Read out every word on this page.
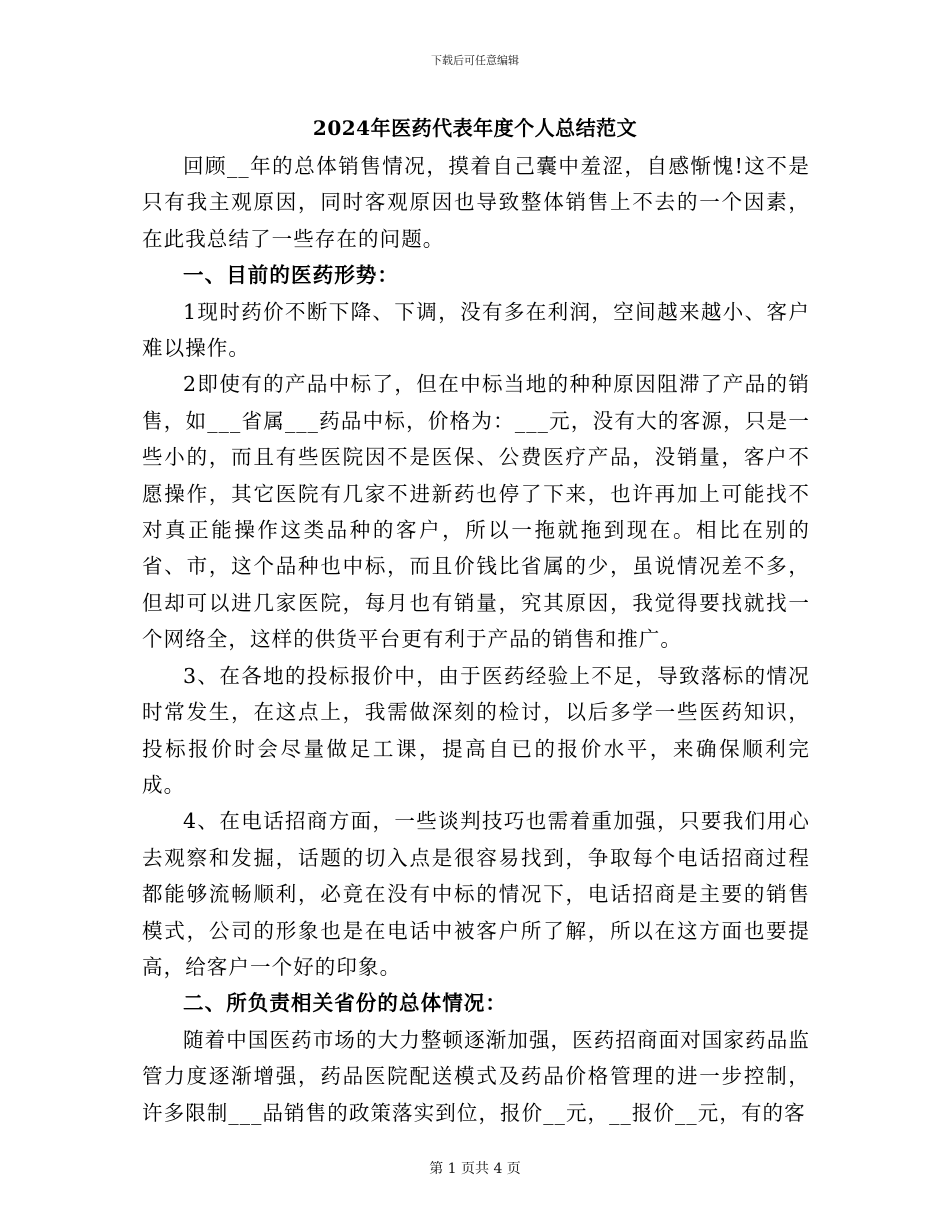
下载后可任意编辑
2024年医药代表年度个人总结范文

回顾__年的总体销售情况，摸着自己囊中羞涩，自感惭愧!这不是只有我主观原因，同时客观原因也导致整体销售上不去的一个因素，在此我总结了一些存在的问题。

一、目前的医药形势：

1现时药价不断下降、下调，没有多在利润，空间越来越小、客户难以操作。

2即使有的产品中标了，但在中标当地的种种原因阻滞了产品的销售，如___省属___药品中标，价格为：___元，没有大的客源，只是一些小的，而且有些医院因不是医保、公费医疗产品，没销量，客户不愿操作，其它医院有几家不进新药也停了下来，也许再加上可能找不对真正能操作这类品种的客户，所以一拖就拖到现在。相比在别的省、市，这个品种也中标，而且价钱比省属的少，虽说情况差不多，但却可以进几家医院，每月也有销量，究其原因，我觉得要找就找一个网络全，这样的供货平台更有利于产品的销售和推广。

3、在各地的投标报价中，由于医药经验上不足，导致落标的情况时常发生，在这点上，我需做深刻的检讨，以后多学一些医药知识，投标报价时会尽量做足工课，提高自已的报价水平，来确保顺利完成。

4、在电话招商方面，一些谈判技巧也需着重加强，只要我们用心去观察和发掘，话题的切入点是很容易找到，争取每个电话招商过程都能够流畅顺利，必竟在没有中标的情况下，电话招商是主要的销售模式，公司的形象也是在电话中被客户所了解，所以在这方面也要提高，给客户一个好的印象。

二、所负责相关省份的总体情况：

随着中国医药市场的大力整顿逐渐加强，医药招商面对国家药品监管力度逐渐增强，药品医院配送模式及药品价格管理的进一步控制，许多限制___品销售的政策落实到位，报价__元，__报价__元，有的客

第 1 页共 4 页
